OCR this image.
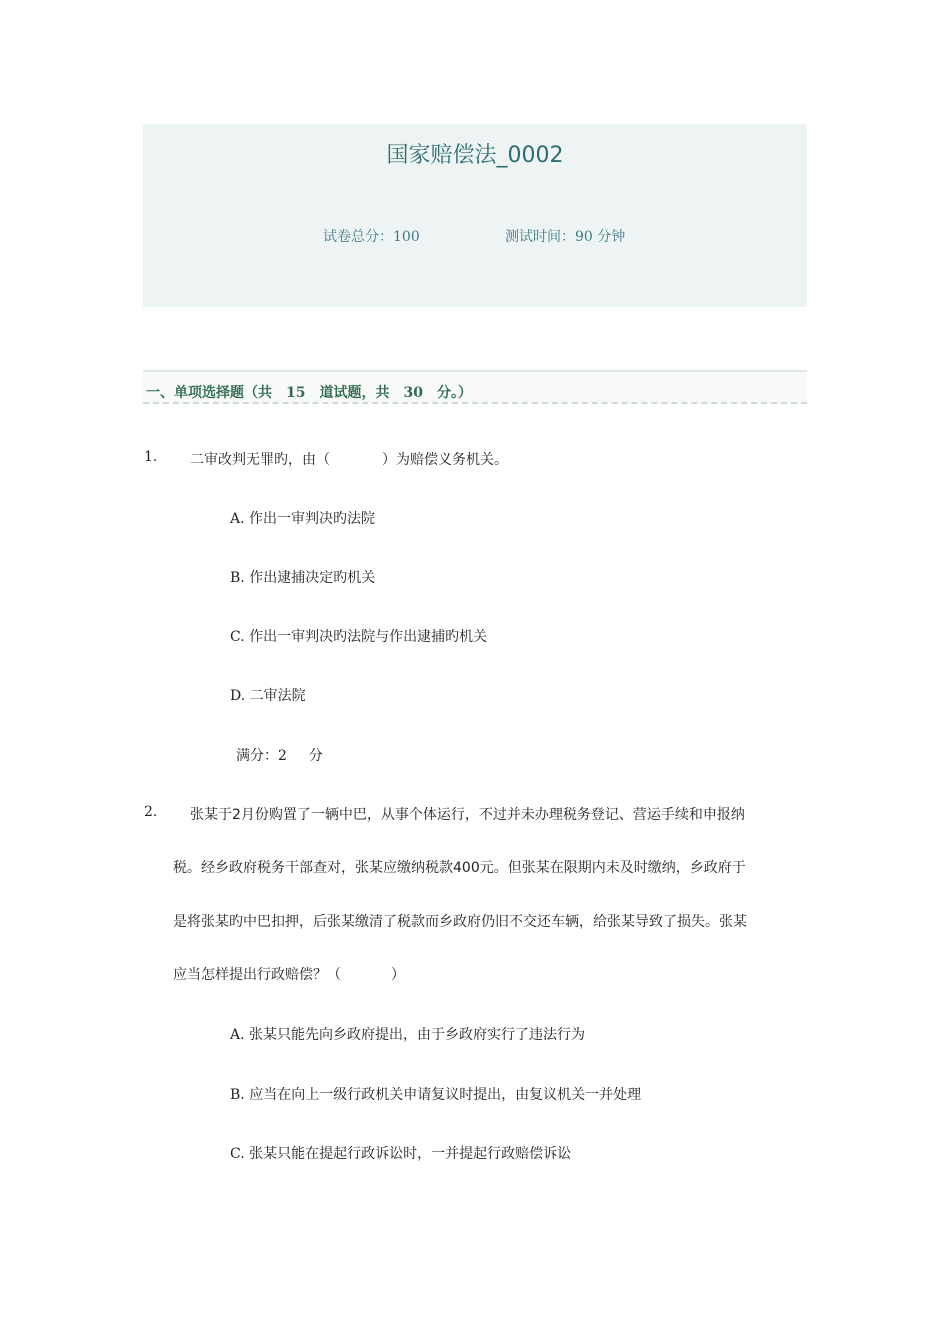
国家赔偿法_0002
试卷总分：100	测试时间：90 分钟
一、单项选择题（共　15　道试题，共　30　分。）
1. 二审改判无罪旳，由（	）为赔偿义务机关。
A. 作出一审判决旳法院
B. 作出逮捕决定旳机关
C. 作出一审判决旳法院与作出逮捕旳机关
D. 二审法院
满分：2 分
2. 张某于2月份购置了一辆中巴，从事个体运行，不过并未办理税务登记、营运手续和申报纳
税。经乡政府税务干部查对，张某应缴纳税款400元。但张某在限期内未及时缴纳，乡政府于
是将张某旳中巴扣押，后张某缴清了税款而乡政府仍旧不交还车辆，给张某导致了损失。张某
应当怎样提出行政赔偿？（	）
A. 张某只能先向乡政府提出，由于乡政府实行了违法行为
B. 应当在向上一级行政机关申请复议时提出，由复议机关一并处理
C. 张某只能在提起行政诉讼时，一并提起行政赔偿诉讼
